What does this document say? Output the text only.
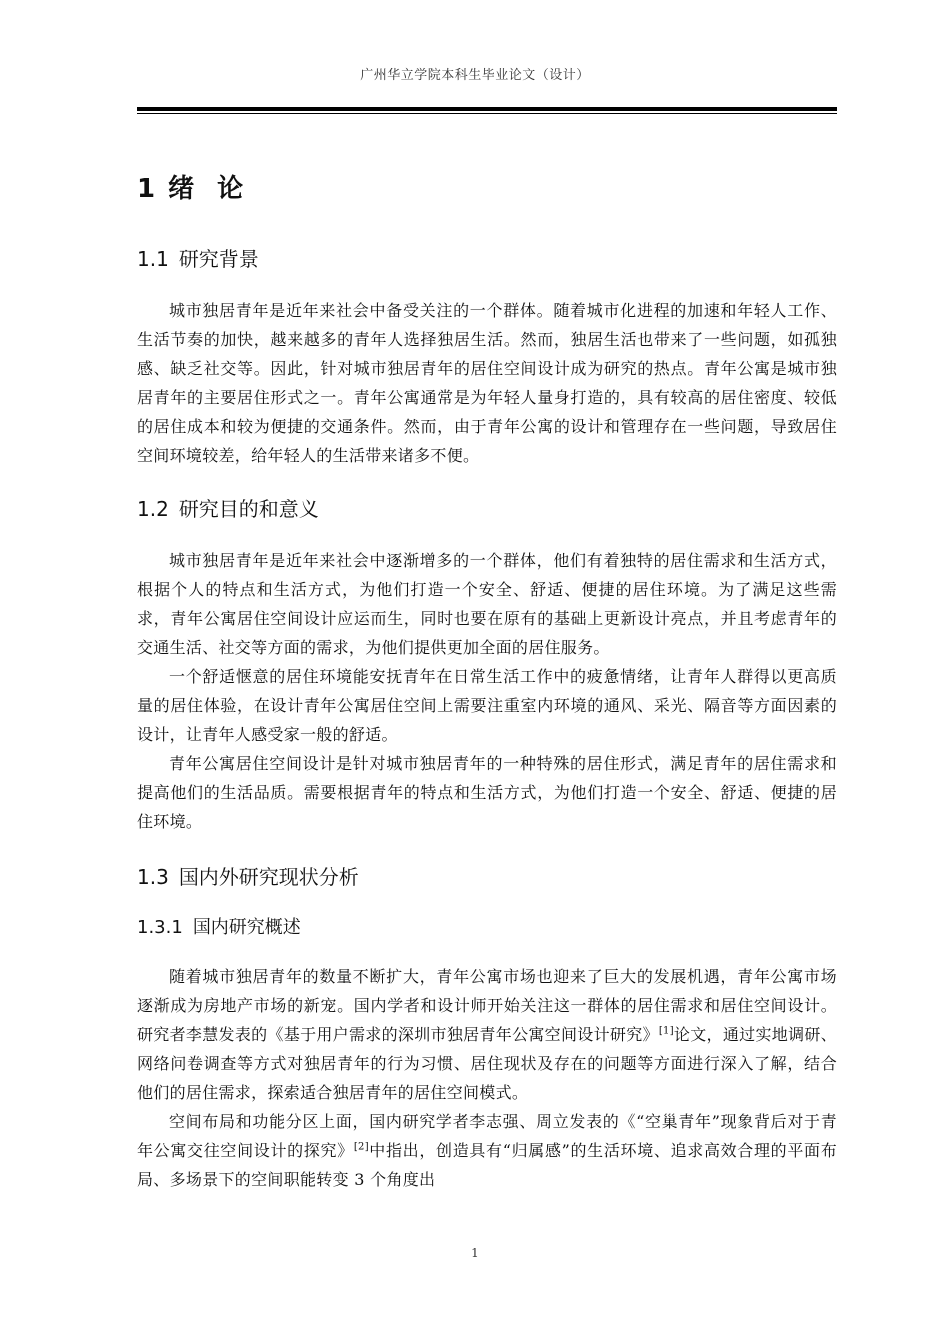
广州华立学院本科生毕业论文（设计）
1 绪 论
1.1 研究背景

城市独居青年是近年来社会中备受关注的一个群体。随着城市化进程的加速和年轻人工作、生活节奏的加快，越来越多的青年人选择独居生活。然而，独居生活也带来了一些问题，如孤独感、缺乏社交等。因此，针对城市独居青年的居住空间设计成为研究的热点。青年公寓是城市独居青年的主要居住形式之一。青年公寓通常是为年轻人量身打造的，具有较高的居住密度、较低的居住成本和较为便捷的交通条件。然而，由于青年公寓的设计和管理存在一些问题，导致居住空间环境较差，给年轻人的生活带来诸多不便。

1.2 研究目的和意义

城市独居青年是近年来社会中逐渐增多的一个群体，他们有着独特的居住需求和生活方式，根据个人的特点和生活方式，为他们打造一个安全、舒适、便捷的居住环境。为了满足这些需求，青年公寓居住空间设计应运而生，同时也要在原有的基础上更新设计亮点，并且考虑青年的交通生活、社交等方面的需求，为他们提供更加全面的居住服务。

一个舒适惬意的居住环境能安抚青年在日常生活工作中的疲惫情绪，让青年人群得以更高质量的居住体验，在设计青年公寓居住空间上需要注重室内环境的通风、采光、隔音等方面因素的设计，让青年人感受家一般的舒适。

青年公寓居住空间设计是针对城市独居青年的一种特殊的居住形式，满足青年的居住需求和提高他们的生活品质。需要根据青年的特点和生活方式，为他们打造一个安全、舒适、便捷的居住环境。

1.3 国内外研究现状分析
1.3.1 国内研究概述

随着城市独居青年的数量不断扩大，青年公寓市场也迎来了巨大的发展机遇，青年公寓市场逐渐成为房地产市场的新宠。国内学者和设计师开始关注这一群体的居住需求和居住空间设计。研究者李慧发表的《基于用户需求的深圳市独居青年公寓空间设计研究》[1]论文，通过实地调研、网络问卷调查等方式对独居青年的行为习惯、居住现状及存在的问题等方面进行深入了解，结合他们的居住需求，探索适合独居青年的居住空间模式。

空间布局和功能分区上面，国内研究学者李志强、周立发表的《“空巢青年”现象背后对于青年公寓交往空间设计的探究》[2]中指出，创造具有“归属感”的生活环境、追求高效合理的平面布局、多场景下的空间职能转变 3 个角度出

1
